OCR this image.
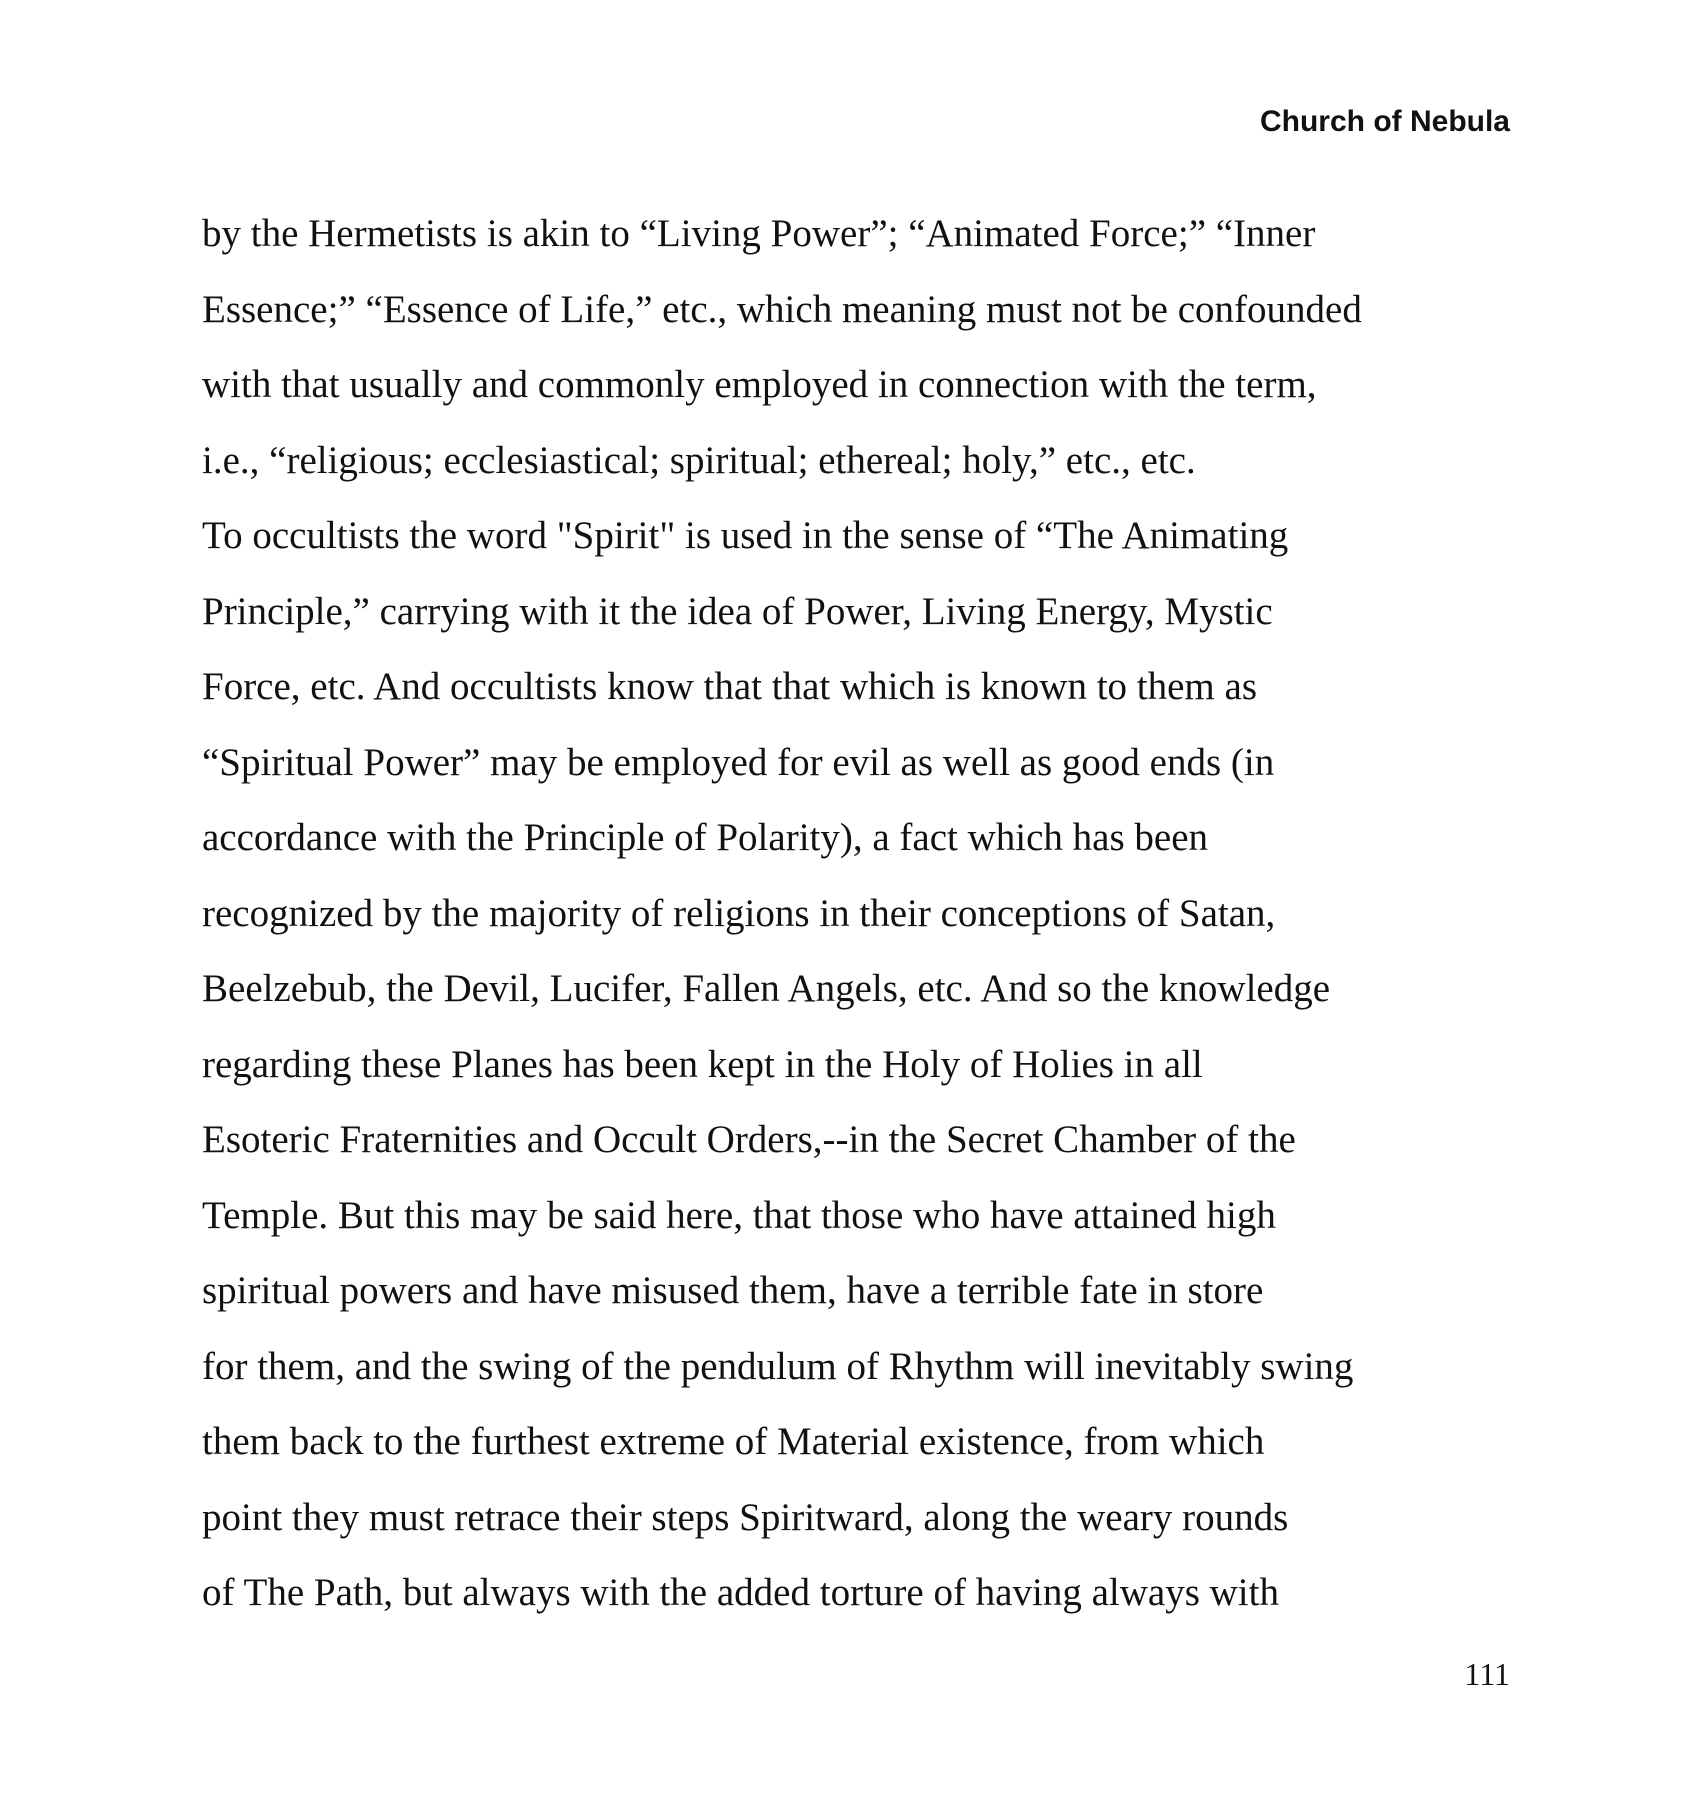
Church of Nebula
by the Hermetists is akin to “Living Power”; “Animated Force;” “Inner
Essence;” “Essence of Life,” etc., which meaning must not be confounded
with that usually and commonly employed in connection with the term,
i.e., “religious; ecclesiastical; spiritual; ethereal; holy,” etc., etc.
To occultists the word "Spirit" is used in the sense of “The Animating
Principle,” carrying with it the idea of Power, Living Energy, Mystic
Force, etc. And occultists know that that which is known to them as
“Spiritual Power” may be employed for evil as well as good ends (in
accordance with the Principle of Polarity), a fact which has been
recognized by the majority of religions in their conceptions of Satan,
Beelzebub, the Devil, Lucifer, Fallen Angels, etc. And so the knowledge
regarding these Planes has been kept in the Holy of Holies in all
Esoteric Fraternities and Occult Orders,--in the Secret Chamber of the
Temple. But this may be said here, that those who have attained high
spiritual powers and have misused them, have a terrible fate in store
for them, and the swing of the pendulum of Rhythm will inevitably swing
them back to the furthest extreme of Material existence, from which
point they must retrace their steps Spiritward, along the weary rounds
of The Path, but always with the added torture of having always with
111
